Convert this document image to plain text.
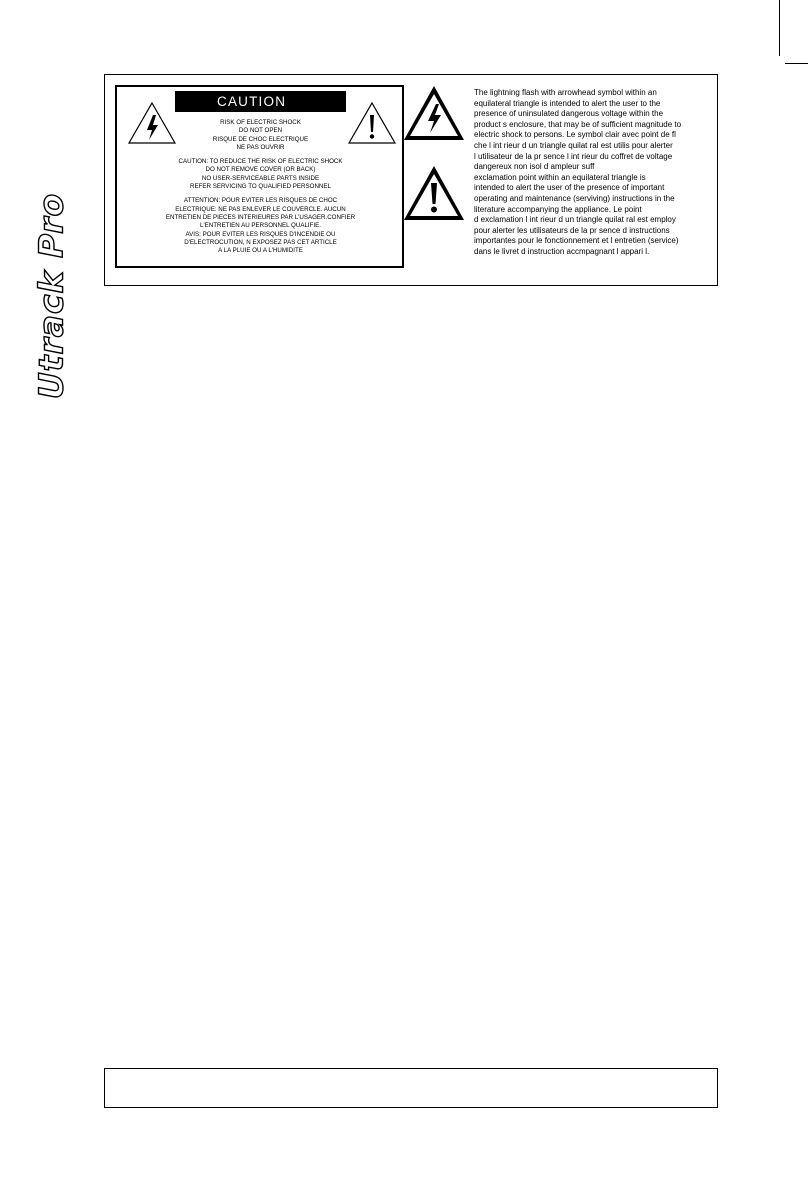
Utrack Pro
CAUTION
RISK OF ELECTRIC SHOCK
DO NOT OPEN
RISQUE DE CHOC ELECTRIQUE
NE PAS OUVRIR
CAUTION: TO REDUCE THE RISK OF ELECTRIC SHOCK
DO NOT REMOVE COVER (OR BACK)
NO USER-SERVICEABLE PARTS INSIDE
REFER SERVICING TO QUALIFIED PERSONNEL
ATTENTION: POUR EVITER LES RISQUES DE CHOC
ELECTRIQUE: NE PAS ENLEVER LE COUVERCLE. AUCUN
ENTRETIEN DE PIECES INTERIEURES PAR L'USAGER.CONFIER
L'ENTRETIEN AU PERSONNEL QUALIFIE.
AVIS: POUR EVITER LES RISQUES D'INCENDIE OU
D'ELECTROCUTION, N EXPOSEZ PAS CET ARTICLE
A LA PLUIE OU A L'HUMIDITE
The lightning flash with arrowhead symbol within an
equilateral triangle is intended to alert the user to the
presence of uninsulated dangerous voltage within the
product s enclosure, that may be of sufficient magnitude to
electric shock to persons. Le symbol clair avec point de fl
che l int rieur d un triangle quilat ral est utilis pour alerter
l utilisateur de la pr sence l int rieur du coffret de voltage
dangereux non isol d ampleur suff
exclamation point within an equilateral triangle is
intended to alert the user of the presence of important
operating and maintenance (serviving) instructions in the
literature accompanying the appliance. Le point
d exclamation l int rieur d un triangle quilat ral est employ
pour alerter les utilisateurs de la pr sence d instructions
importantes pour le fonctionnement et l entretien (service)
dans le livret d instruction accmpagnant l appari l.
